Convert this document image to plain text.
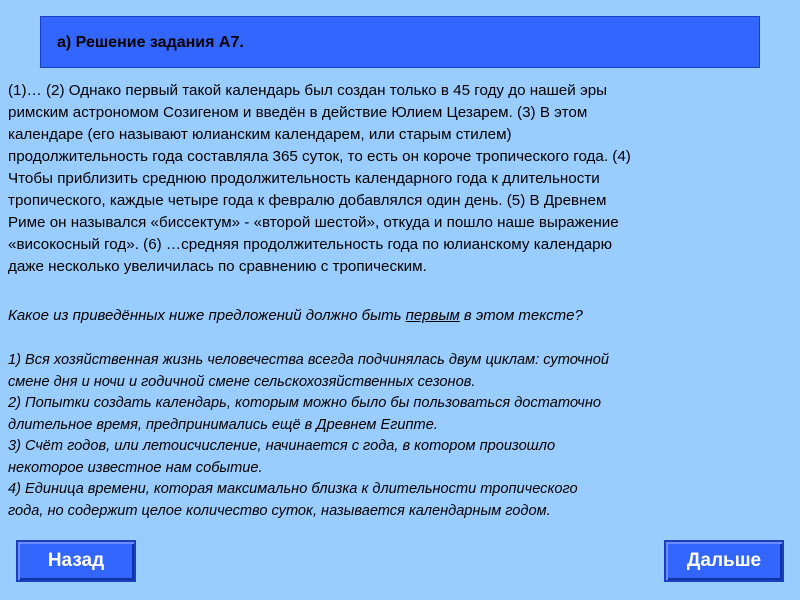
а) Решение задания А7.
(1)… (2) Однако первый такой календарь был создан только в 45 году до нашей эры
римским астрономом Созигеном и введён в действие Юлием Цезарем. (3) В этом
календаре (его называют юлианским календарем, или старым стилем)
продолжительность года составляла 365 суток, то есть он короче тропического года. (4)
Чтобы приблизить среднюю продолжительность календарного года к длительности
тропического, каждые четыре года к февралю добавлялся один день. (5) В Древнем
Риме он назывался «биссектум» - «второй шестой», откуда и пошло наше выражение
«високосный год». (6) …средняя продолжительность года по юлианскому календарю
даже несколько увеличилась по сравнению с тропическим.
Какое из приведённых ниже предложений должно быть первым в этом тексте?
1) Вся хозяйственная жизнь человечества всегда подчинялась двум циклам: суточной
смене дня и ночи и годичной смене сельскохозяйственных сезонов.
2) Попытки создать календарь, которым можно было бы пользоваться достаточно
длительное время, предпринимались ещё в Древнем Египте.
3) Счёт годов, или летоисчисление, начинается с года, в котором произошло
некоторое известное нам событие.
4) Единица времени, которая максимально близка к длительности тропического
года, но содержит целое количество суток, называется календарным годом.
Назад	Дальше
